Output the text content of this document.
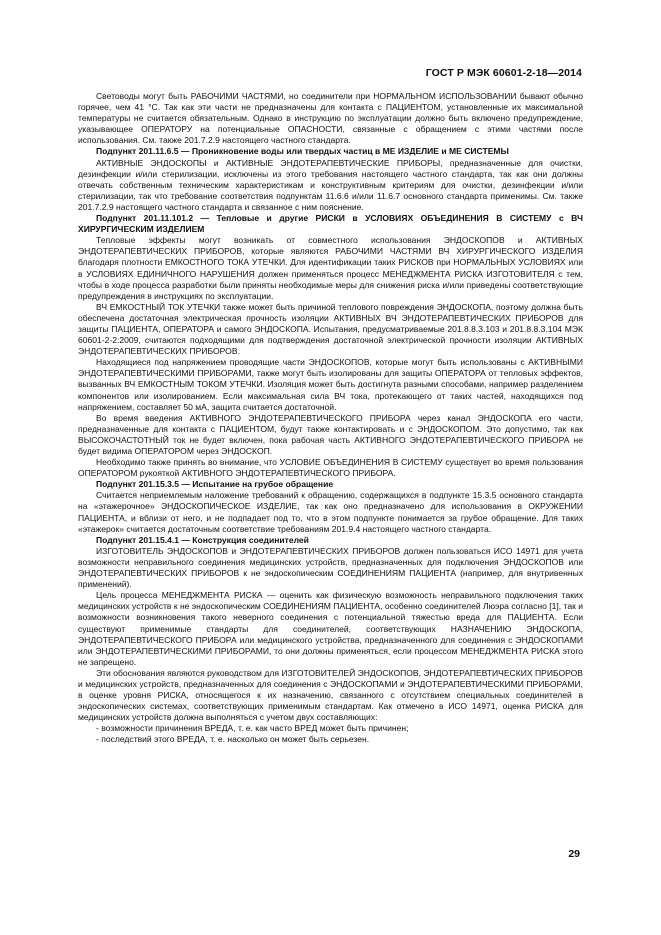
ГОСТ Р МЭК 60601-2-18—2014

Световоды могут быть РАБОЧИМИ ЧАСТЯМИ, но соединители при НОРМАЛЬНОМ ИСПОЛЬЗОВАНИИ бывают обычно горячее, чем 41 °C. Так как эти части не предназначены для контакта с ПАЦИЕНТОМ, установленные их максимальной температуры не считается обязательным. Однако в инструкцию по эксплуатации должно быть включено предупреждение, указывающее ОПЕРАТОРУ на потенциальные ОПАСНОСТИ, связанные с обращением с этими частями после использования. См. также 201.7.2.9 настоящего частного стандарта.

Подпункт 201.11.6.5 — Проникновение воды или твердых частиц в МЕ ИЗДЕЛИЕ и МЕ СИСТЕМЫ

АКТИВНЫЕ ЭНДОСКОПЫ и АКТИВНЫЕ ЭНДОТЕРАПЕВТИЧЕСКИЕ ПРИБОРЫ, предназначенные для очистки, дезинфекции и/или стерилизации, исключены из этого требования настоящего частного стандарта, так как они должны отвечать собственным техническим характеристикам и конструктивным критериям для очистки, дезинфекции и/или стерилизации, так что требование соответствия подпунктам 11.6.6 и/или 11.6.7 основного стандарта применимы. См. также 201.7.2.9 настоящего частного стандарта и связанное с ним пояснение.

Подпункт 201.11.101.2 — Тепловые и другие РИСКИ в УСЛОВИЯХ ОБЪЕДИНЕНИЯ В СИСТЕМУ с ВЧ ХИРУРГИЧЕСКИМ ИЗДЕЛИЕМ

Тепловые эффекты могут возникать от совместного использования ЭНДОСКОПОВ и АКТИВНЫХ ЭНДОТЕРАПЕВТИЧЕСКИХ ПРИБОРОВ, которые являются РАБОЧИМИ ЧАСТЯМИ ВЧ ХИРУРГИЧЕСКОГО ИЗДЕЛИЯ благодаря плотности ЕМКОСТНОГО ТОКА УТЕЧКИ. Для идентификации таких РИСКОВ при НОРМАЛЬНЫХ УСЛОВИЯХ или в УСЛОВИЯХ ЕДИНИЧНОГО НАРУШЕНИЯ должен применяться процесс МЕНЕДЖМЕНТА РИСКА ИЗГОТОВИТЕЛЯ с тем, чтобы в ходе процесса разработки были приняты необходимые меры для снижения риска и/или приведены соответствующие предупреждения в инструкциях по эксплуатации.

ВЧ ЕМКОСТНЫЙ ТОК УТЕЧКИ также может быть причиной теплового повреждения ЭНДОСКОПА, поэтому должна быть обеспечена достаточная электрическая прочность изоляции АКТИВНЫХ ВЧ ЭНДОТЕРАПЕВТИЧЕСКИХ ПРИБОРОВ для защиты ПАЦИЕНТА, ОПЕРАТОРА и самого ЭНДОСКОПА. Испытания, предусматриваемые 201.8.8.3.103 и 201.8.8.3.104 МЭК 60601-2-2:2009, считаются подходящими для подтверждения достаточной электрической прочности изоляции АКТИВНЫХ ЭНДОТЕРАПЕВТИЧЕСКИХ ПРИБОРОВ.

Находящиеся под напряжением проводящие части ЭНДОСКОПОВ, которые могут быть использованы с АКТИВНЫМИ ЭНДОТЕРАПЕВТИЧЕСКИМИ ПРИБОРАМИ, также могут быть изолированы для защиты ОПЕРАТОРА от тепловых эффектов, вызванных ВЧ ЕМКОСТНЫМ ТОКОМ УТЕЧКИ. Изоляция может быть достигнута разными способами, например разделением компонентов или изолированием. Если максимальная сила ВЧ тока, протекающего от таких частей, находящихся под напряжением, составляет 50 мА, защита считается достаточной.

Во время введения АКТИВНОГО ЭНДОТЕРАПЕВТИЧЕСКОГО ПРИБОРА через канал ЭНДОСКОПА его части, предназначенные для контакта с ПАЦИЕНТОМ, будут также контактировать и с ЭНДОСКОПОМ. Это допустимо, так как ВЫСОКОЧАСТОТНЫЙ ток не будет включен, пока рабочая часть АКТИВНОГО ЭНДОТЕРАПЕВТИЧЕСКОГО ПРИБОРА не будет видима ОПЕРАТОРОМ через ЭНДОСКОП.

Необходимо также принять во внимание, что УСЛОВИЕ ОБЪЕДИНЕНИЯ В СИСТЕМУ существует во время пользования ОПЕРАТОРОМ рукояткой АКТИВНОГО ЭНДОТЕРАПЕВТИЧЕСКОГО ПРИБОРА.

Подпункт 201.15.3.5 — Испытание на грубое обращение

Считается неприемлемым наложение требований к обращению, содержащихся в подпункте 15.3.5 основного стандарта на «этажерочное» ЭНДОСКОПИЧЕСКОЕ ИЗДЕЛИЕ, так как оно предназначено для использования в ОКРУЖЕНИИ ПАЦИЕНТА, и вблизи от него, и не подпадает под то, что в этом подпункте понимается за грубое обращение. Для таких «этажерок» считается достаточным соответствие требованиям 201.9.4 настоящего частного стандарта.

Подпункт 201.15.4.1 — Конструкция соединителей

ИЗГОТОВИТЕЛЬ ЭНДОСКОПОВ и ЭНДОТЕРАПЕВТИЧЕСКИХ ПРИБОРОВ должен пользоваться ИСО 14971 для учета возможности неправильного соединения медицинских устройств, предназначенных для подключения ЭНДОСКОПОВ или ЭНДОТЕРАПЕВТИЧЕСКИХ ПРИБОРОВ к не эндоскопическим СОЕДИНЕНИЯМ ПАЦИЕНТА (например, для внутривенных применений).

Цель процесса МЕНЕДЖМЕНТА РИСКА — оценить как физическую возможность неправильного подключения таких медицинских устройств к не эндоскопическим СОЕДИНЕНИЯМ ПАЦИЕНТА, особенно соединителей Люэра согласно [1], так и возможности возникновения такого неверного соединения с потенциальной тяжестью вреда для ПАЦИЕНТА. Если существуют применимые стандарты для соединителей, соответствующих НАЗНАЧЕНИЮ ЭНДОСКОПА, ЭНДОТЕРАПЕВТИЧЕСКОГО ПРИБОРА или медицинского устройства, предназначенного для соединения с ЭНДОСКОПАМИ или ЭНДОТЕРАПЕВТИЧЕСКИМИ ПРИБОРАМИ, то они должны применяться, если процессом МЕНЕДЖМЕНТА РИСКА этого не запрещено.

Эти обоснования являются руководством для ИЗГОТОВИТЕЛЕЙ ЭНДОСКОПОВ, ЭНДОТЕРАПЕВТИЧЕСКИХ ПРИБОРОВ и медицинских устройств, предназначенных для соединения с ЭНДОСКОПАМИ и ЭНДОТЕРАПЕВТИЧЕСКИМИ ПРИБОРАМИ, в оценке уровня РИСКА, относящегося к их назначению, связанного с отсутствием специальных соединителей в эндоскопических системах, соответствующих применимым стандартам. Как отмечено в ИСО 14971, оценка РИСКА для медицинских устройств должна выполняться с учетом двух составляющих:

- возможности причинения ВРЕДА, т. е. как часто ВРЕД может быть причинен;

- последствий этого ВРЕДА, т. е. насколько он может быть серьезен.

29
